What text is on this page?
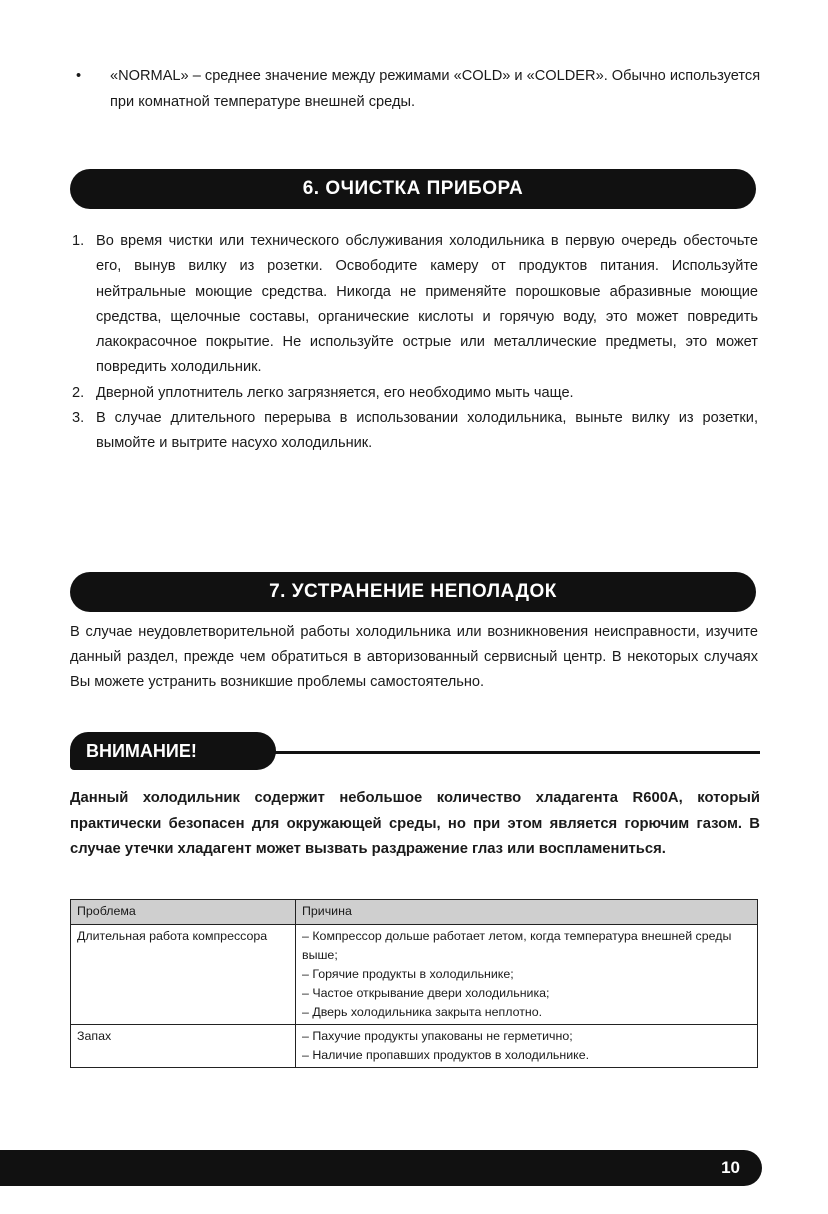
•	«NORMAL» – среднее значение между режимами «COLD» и «COLDER». Обычно используется при комнатной температуре внешней среды.
6. ОЧИСТКА ПРИБОРА
1. Во время чистки или технического обслуживания холодильника в первую очередь обесточьте его, вынув вилку из розетки. Освободите камеру от продуктов питания. Используйте нейтральные моющие средства. Никогда не применяйте порошковые абразивные моющие средства, щелочные составы, органические кислоты и горячую воду, это может повредить лакокрасочное покрытие. Не используйте острые или металлические предметы, это может повредить холодильник.
2. Дверной уплотнитель легко загрязняется, его необходимо мыть чаще.
3. В случае длительного перерыва в использовании холодильника, выньте вилку из розетки, вымойте и вытрите насухо холодильник.
7. УСТРАНЕНИЕ НЕПОЛАДОК
В случае неудовлетворительной работы холодильника или возникновения неисправности, изучите данный раздел, прежде чем обратиться в авторизованный сервисный центр. В некоторых случаях Вы можете устранить возникшие проблемы самостоятельно.
ВНИМАНИЕ!
Данный холодильник содержит небольшое количество хладагента R600A, который практически безопасен для окружающей среды, но при этом является горючим газом. В случае утечки хладагент может вызвать раздражение глаз или воспламениться.
Проблема	Причина
Длительная работа компрессора	– Компрессор дольше работает летом, когда температура внешней среды выше;
– Горячие продукты в холодильнике;
– Частое открывание двери холодильника;
– Дверь холодильника закрыта неплотно.

Запах	– Пахучие продукты упакованы не герметично;
– Наличие пропавших продуктов в холодильнике.
10
